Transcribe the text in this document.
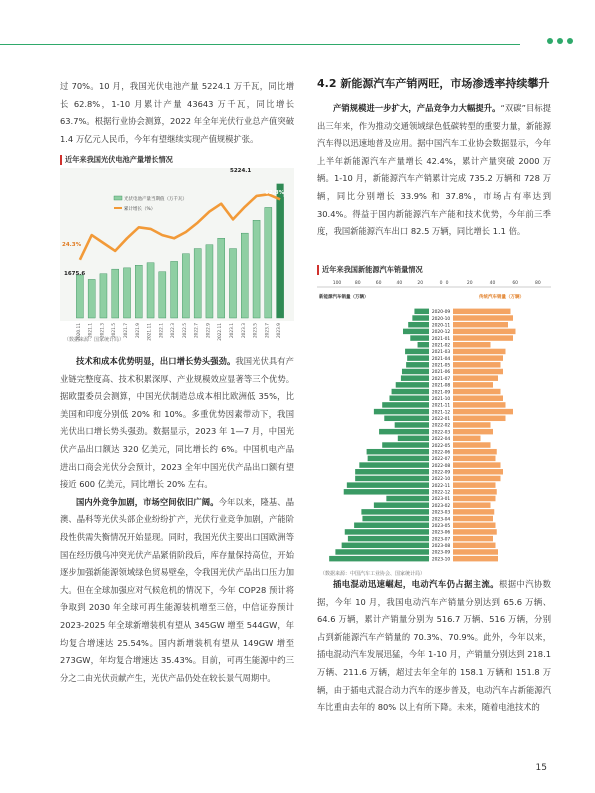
过 70%。10 月，我国光伏电池产量 5224.1 万千瓦，同比增长 62.8%，1-10 月累计产量 43643 万千瓦，同比增长 63.7%。根据行业协会测算，2022 年全年光伏行业总产值突破 1.4 万亿元人民币，今年有望继续实现产值规模扩张。

近年来我国光伏电池产量增长情况
光伏电池产量当期值（万千瓦）
累计增长（%）
5224.1
1675.6
24.3%
62.8%
2020.11 2021.1 2021.3 2021.5 2021.7 2021.9 2021.11 2022.1 2022.3 2022.5 2022.7 2022.9 2022.11 2023.1 2023.3 2023.5 2023.7 2023.9
（数据来源：国家统计局）

技术和成本优势明显，出口增长势头强劲。我国光伏具有产业链完整度高、技术积累深厚、产业规模效应显著等三个优势。据欧盟委员会测算，中国光伏制造总成本相比欧洲低 35%，比美国和印度分别低 20% 和 10%。多重优势因素带动下，我国光伏出口增长势头强劲。数据显示，2023 年 1—7 月，中国光伏产品出口额达 320 亿美元，同比增长约 6%。中国机电产品进出口商会光伏分会预计，2023 全年中国光伏产品出口额有望接近 600 亿美元，同比增长 20% 左右。

国内外竞争加剧，市场空间依旧广阔。今年以来，隆基、晶澳、晶科等光伏头部企业纷纷扩产，光伏行业竞争加剧，产能阶段性供需失衡情况开始显现。同时，我国光伏主要出口国欧洲等国在经历俄乌冲突光伏产品紧俏阶段后，库存量保持高位，开始逐步加强新能源领域绿色贸易壁垒，令我国光伏产品出口压力加大。但在全球加强应对气候危机的情况下，今年 COP28 预计将争取到 2030 年全球可再生能源装机增至三倍，中信证券预计 2023-2025 年全球新增装机有望从 345GW 增至 544GW，年均复合增速达 25.54%。国内新增装机有望从 149GW 增至 273GW，年均复合增速达 35.43%。目前，可再生能源中约三分之二由光伏贡献产生，光伏产品仍处在较长景气周期中。

4.2 新能源汽车产销两旺，市场渗透率持续攀升

产销规模进一步扩大，产品竞争力大幅提升。“双碳”目标提出三年来，作为推动交通领域绿色低碳转型的重要力量，新能源汽车得以迅速地普及应用。据中国汽车工业协会数据显示，今年上半年新能源汽车产量增长 42.4%，累计产量突破 2000 万辆。1-10 月，新能源汽车产销累计完成 735.2 万辆和 728 万辆，同比分别增长 33.9% 和 37.8%，市场占有率达到 30.4%。得益于国内新能源汽车产能和技术优势，今年前三季度，我国新能源汽车出口 82.5 万辆，同比增长 1.1 倍。

近年来我国新能源汽车销量情况
100	80	60	40	20	0 0	20	40	60	80
新能源汽车销量（万辆）	传统汽车销量（万辆）
2020-09
2020-10
2020-11
2020-12
2021-01
2021-02
2021-03
2021-04
2021-05
2021-06
2021-07
2021-08
2021-09
2021-10
2021-11
2021-12
2022-01
2022-02
2022-03
2022-04
2022-05
2022-06
2022-07
2022-08
2022-09
2022-10
2022-11
2022-12
2023-01
2023-02
2023-03
2023-04
2023-05
2023-06
2023-07
2023-08
2023-09
2023-10
（数据来源：中国汽车工业协会、国家统计局）

插电混动迅速崛起，电动汽车仍占据主流。根据中汽协数据，今年 10 月，我国电动汽车产销量分别达到 65.6 万辆、64.6 万辆，累计产销量分别为 516.7 万辆、516 万辆，分别占到新能源汽车产销量的 70.3%、70.9%。此外，今年以来，插电混动汽车发展迅猛，今年 1-10 月，产销量分别达到 218.1 万辆、211.6 万辆，超过去年全年的 158.1 万辆和 151.8 万辆，由于插电式混合动力汽车的逐步普及，电动汽车占新能源汽车比重由去年的 80% 以上有所下降。未来，随着电池技术的

15
